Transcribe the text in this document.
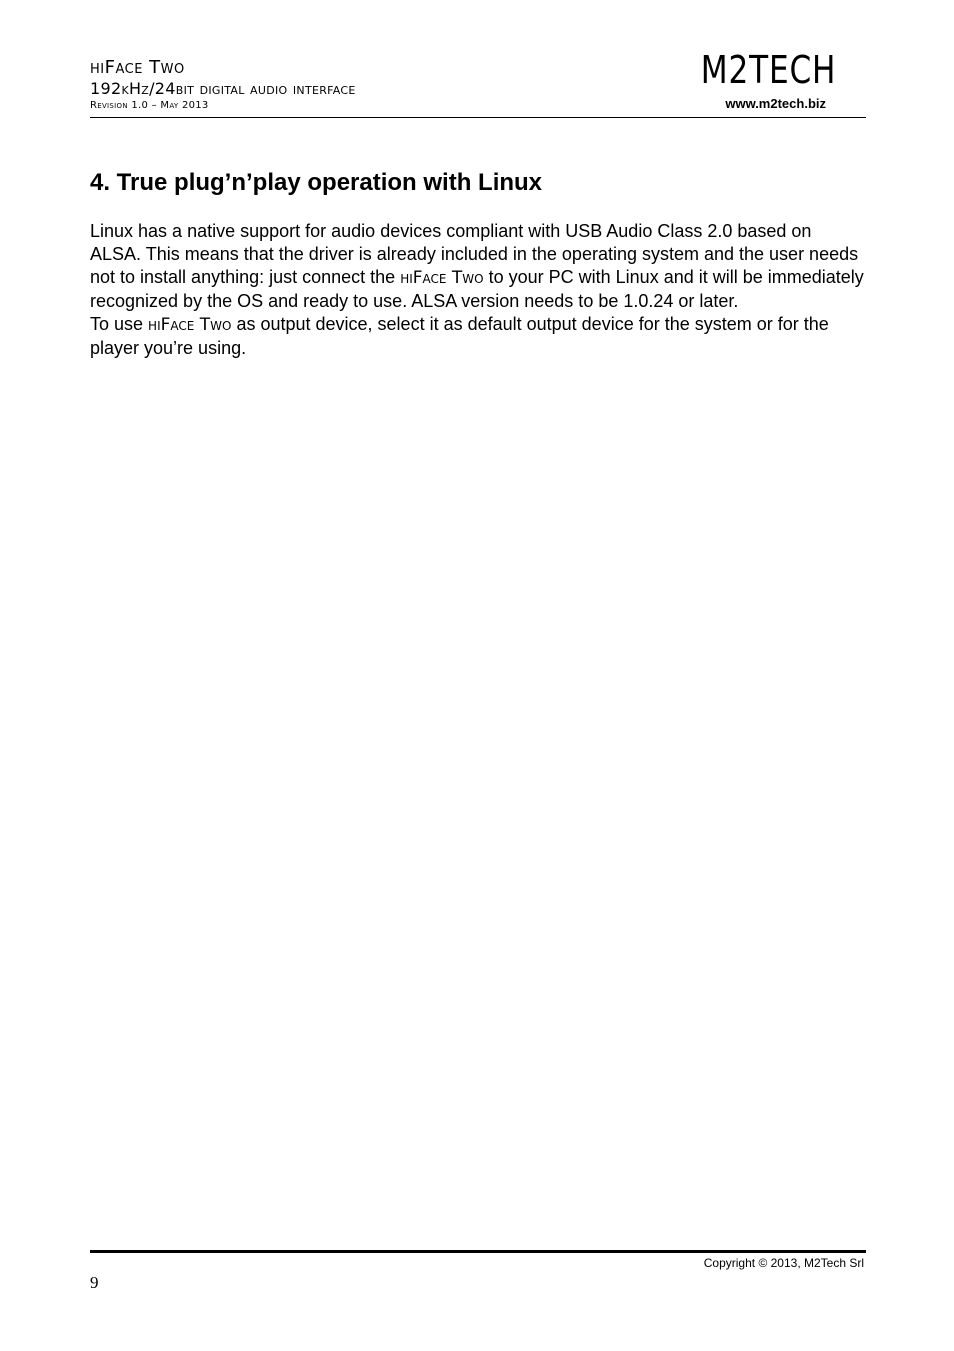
hiFace Two
192kHz/24bit digital audio interface
Revision 1.0 – May 2013
M2TECH
www.m2tech.biz
4. True plug’n’play operation with Linux

Linux has a native support for audio devices compliant with USB Audio Class 2.0 based on ALSA. This means that the driver is already included in the operating system and the user needs not to install anything: just connect the hiFace Two to your PC with Linux and it will be immediately recognized by the OS and ready to use. ALSA version needs to be 1.0.24 or later.

To use hiFace Two as output device, select it as default output device for the system or for the player you’re using.

Copyright © 2013, M2Tech Srl
9
